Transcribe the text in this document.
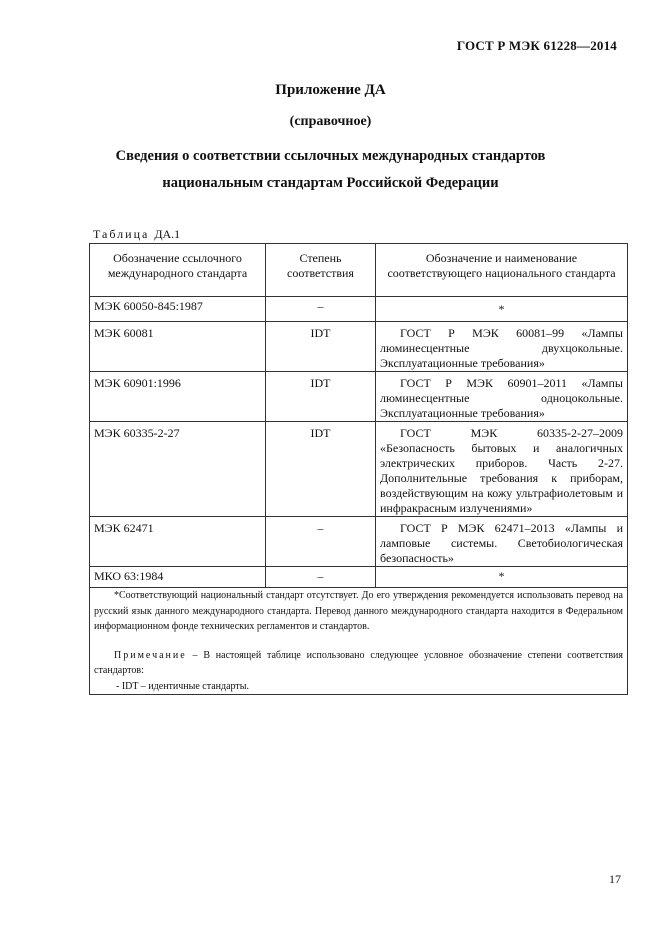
ГОСТ Р МЭК 61228—2014
Приложение ДА
(справочное)
Сведения о соответствии ссылочных международных стандартов
национальным стандартам Российской Федерации
Таблица ДА.1
Обозначение ссылочного международного стандарта	Степень соответствия	Обозначение и наименование соответствующего национального стандарта
МЭК 60050-845:1987	–	*
МЭК 60081	IDT	ГОСТ Р МЭК 60081–99 «Лампы люминесцентные двухцокольные. Эксплуатационные требования»
МЭК 60901:1996	IDT	ГОСТ Р МЭК 60901–2011 «Лампы люминесцентные одноцокольные. Эксплуатационные требования»
МЭК 60335-2-27	IDT	ГОСТ МЭК 60335-2-27–2009 «Безопасность бытовых и аналогичных электрических приборов. Часть 2-27. Дополнительные требования к приборам, воздействующим на кожу ультрафиолетовым и инфракрасным излучениями»
МЭК 62471	–	ГОСТ Р МЭК 62471–2013 «Лампы и ламповые системы. Светобиологическая безопасность»
МКО 63:1984	–	*

*Соответствующий национальный стандарт отсутствует. До его утверждения рекомендуется использовать перевод на русский язык данного международного стандарта. Перевод данного международного стандарта находится в Федеральном информационном фонде технических регламентов и стандартов.

Примечание – В настоящей таблице использовано следующее условное обозначение степени соответствия стандартов:

- IDT – идентичные стандарты.		
17
